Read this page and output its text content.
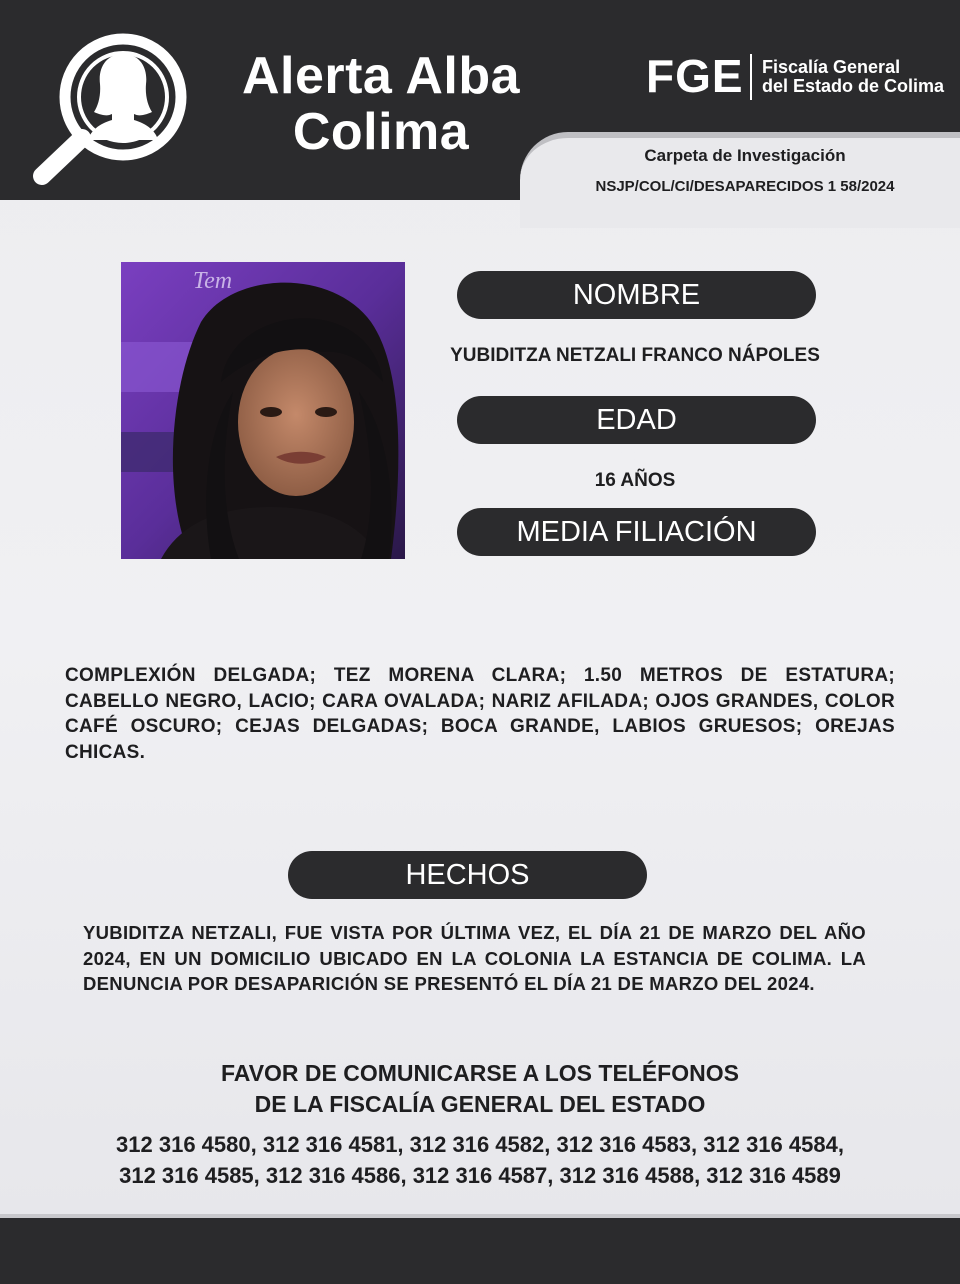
Alerta Alba
Colima
FGE Fiscalía General
del Estado de Colima
Carpeta de Investigación
NSJP/COL/CI/DESAPARECIDOS 1 58/2024
Tem	NOMBRE
YUBIDITZA NETZALI FRANCO NÁPOLES
EDAD
16 AÑOS
MEDIA FILIACIÓN
COMPLEXIÓN DELGADA; TEZ MORENA CLARA; 1.50 METROS DE ESTATURA; CABELLO NEGRO, LACIO; CARA OVALADA; NARIZ AFILADA; OJOS GRANDES, COLOR CAFÉ OSCURO; CEJAS DELGADAS; BOCA GRANDE, LABIOS GRUESOS; OREJAS CHICAS.
HECHOS
YUBIDITZA NETZALI, FUE VISTA POR ÚLTIMA VEZ, EL DÍA 21 DE MARZO DEL AÑO 2024, EN UN DOMICILIO UBICADO EN LA COLONIA LA ESTANCIA DE COLIMA. LA DENUNCIA POR DESAPARICIÓN SE PRESENTÓ EL DÍA 21 DE MARZO DEL 2024.
FAVOR DE COMUNICARSE A LOS TELÉFONOS
DE LA FISCALÍA GENERAL DEL ESTADO
312 316 4580, 312 316 4581, 312 316 4582, 312 316 4583, 312 316 4584,
312 316 4585, 312 316 4586, 312 316 4587, 312 316 4588, 312 316 4589
